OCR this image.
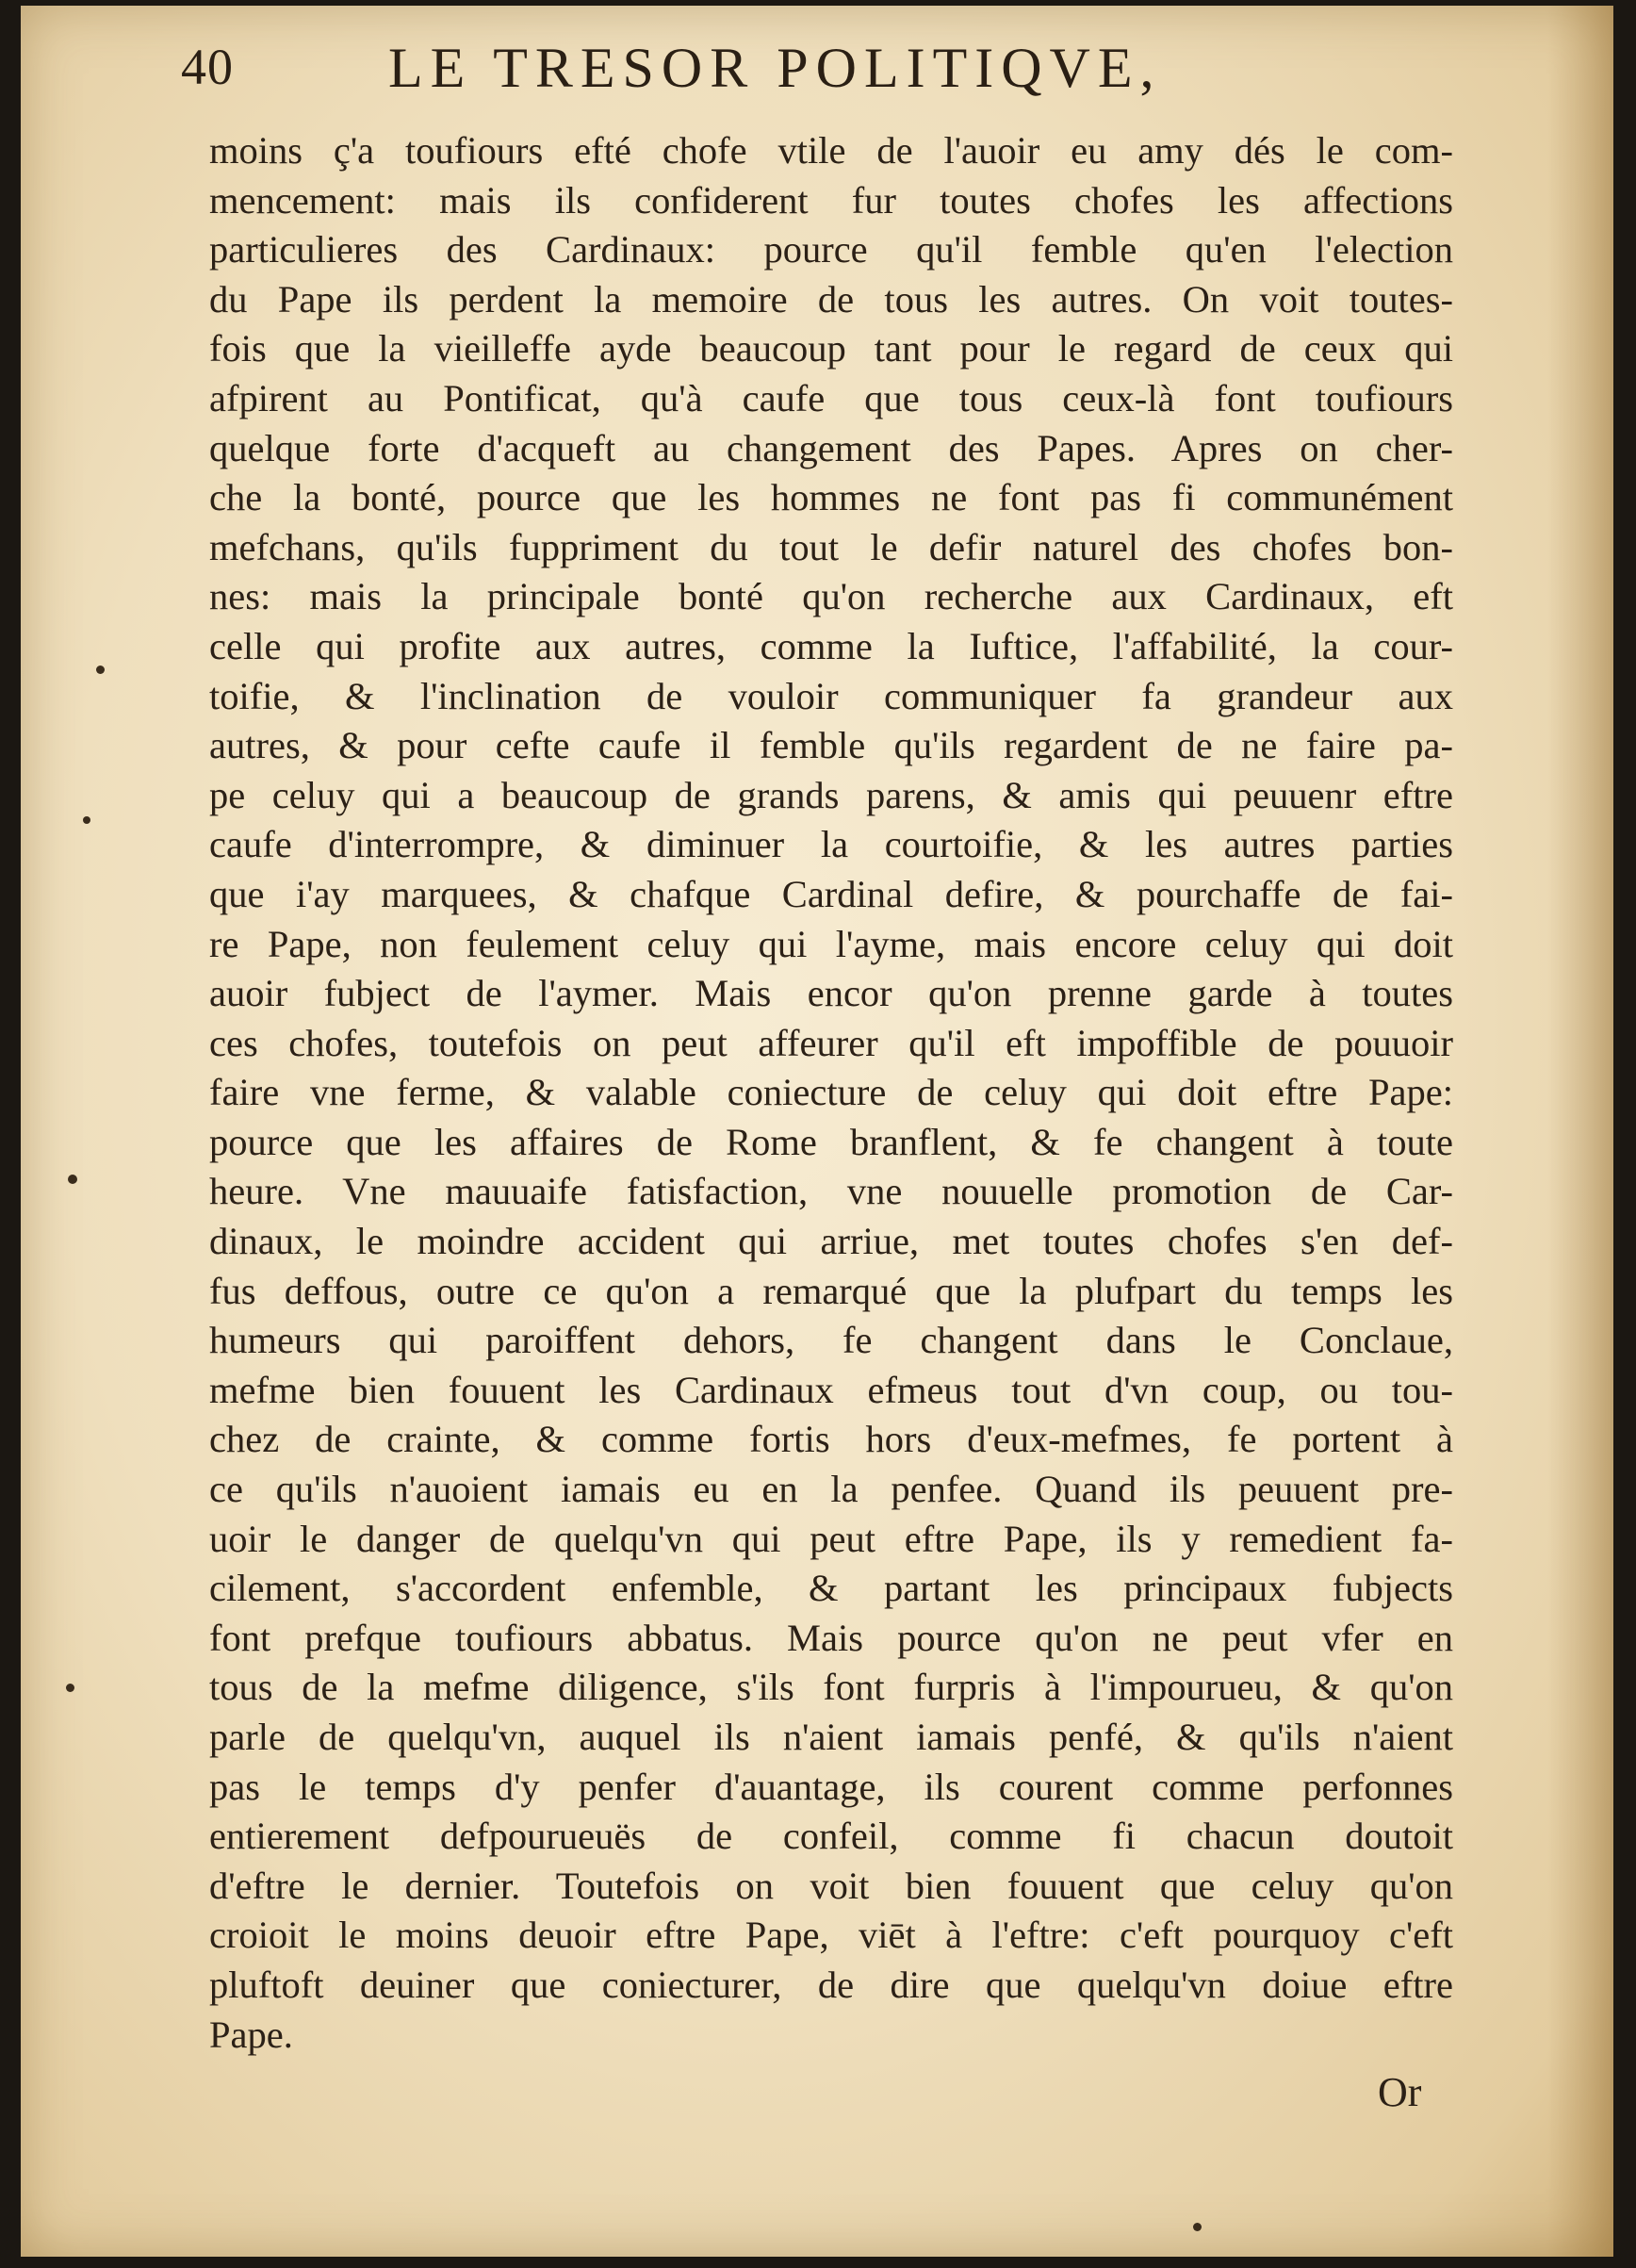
40	LE TRESOR POLITIQVE,
moins ç'a toufiours efté chofe vtile de l'auoir eu amy dés le com-
mencement: mais ils confiderent fur toutes chofes les affections
particulieres des Cardinaux: pource qu'il femble qu'en l'election
du Pape ils perdent la memoire de tous les autres. On voit toutes-
fois que la vieilleffe ayde beaucoup tant pour le regard de ceux qui
afpirent au Pontificat, qu'à caufe que tous ceux-là font toufiours
quelque forte d'acqueft au changement des Papes. Apres on cher-
che la bonté, pource que les hommes ne font pas fi communément
mefchans, qu'ils fuppriment du tout le defir naturel des chofes bon-
nes: mais la principale bonté qu'on recherche aux Cardinaux, eft
celle qui profite aux autres, comme la Iuftice, l'affabilité, la cour-
toifie, & l'inclination de vouloir communiquer fa grandeur aux
autres, & pour cefte caufe il femble qu'ils regardent de ne faire pa-
pe celuy qui a beaucoup de grands parens, & amis qui peuuenr eftre
caufe d'interrompre, & diminuer la courtoifie, & les autres parties
que i'ay marquees, & chafque Cardinal defire, & pourchaffe de fai-
re Pape, non feulement celuy qui l'ayme, mais encore celuy qui doit
auoir fubject de l'aymer. Mais encor qu'on prenne garde à toutes
ces chofes, toutefois on peut affeurer qu'il eft impoffible de pouuoir
faire vne ferme, & valable coniecture de celuy qui doit eftre Pape:
pource que les affaires de Rome branflent, & fe changent à toute
heure. Vne mauuaife fatisfaction, vne nouuelle promotion de Car-
dinaux, le moindre accident qui arriue, met toutes chofes s'en def-
fus deffous, outre ce qu'on a remarqué que la plufpart du temps les
humeurs qui paroiffent dehors, fe changent dans le Conclaue,
mefme bien fouuent les Cardinaux efmeus tout d'vn coup, ou tou-
chez de crainte, & comme fortis hors d'eux-mefmes, fe portent à
ce qu'ils n'auoient iamais eu en la penfee. Quand ils peuuent pre-
uoir le danger de quelqu'vn qui peut eftre Pape, ils y remedient fa-
cilement, s'accordent enfemble, & partant les principaux fubjects
font prefque toufiours abbatus. Mais pource qu'on ne peut vfer en
tous de la mefme diligence, s'ils font furpris à l'impourueu, & qu'on
parle de quelqu'vn, auquel ils n'aient iamais penfé, & qu'ils n'aient
pas le temps d'y penfer d'auantage, ils courent comme perfonnes
entierement defpourueuës de confeil, comme fi chacun doutoit
d'eftre le dernier. Toutefois on voit bien fouuent que celuy qu'on
croioit le moins deuoir eftre Pape, viēt à l'eftre: c'eft pourquoy c'eft
pluftoft deuiner que coniecturer, de dire que quelqu'vn doiue eftre
Pape.
Or
